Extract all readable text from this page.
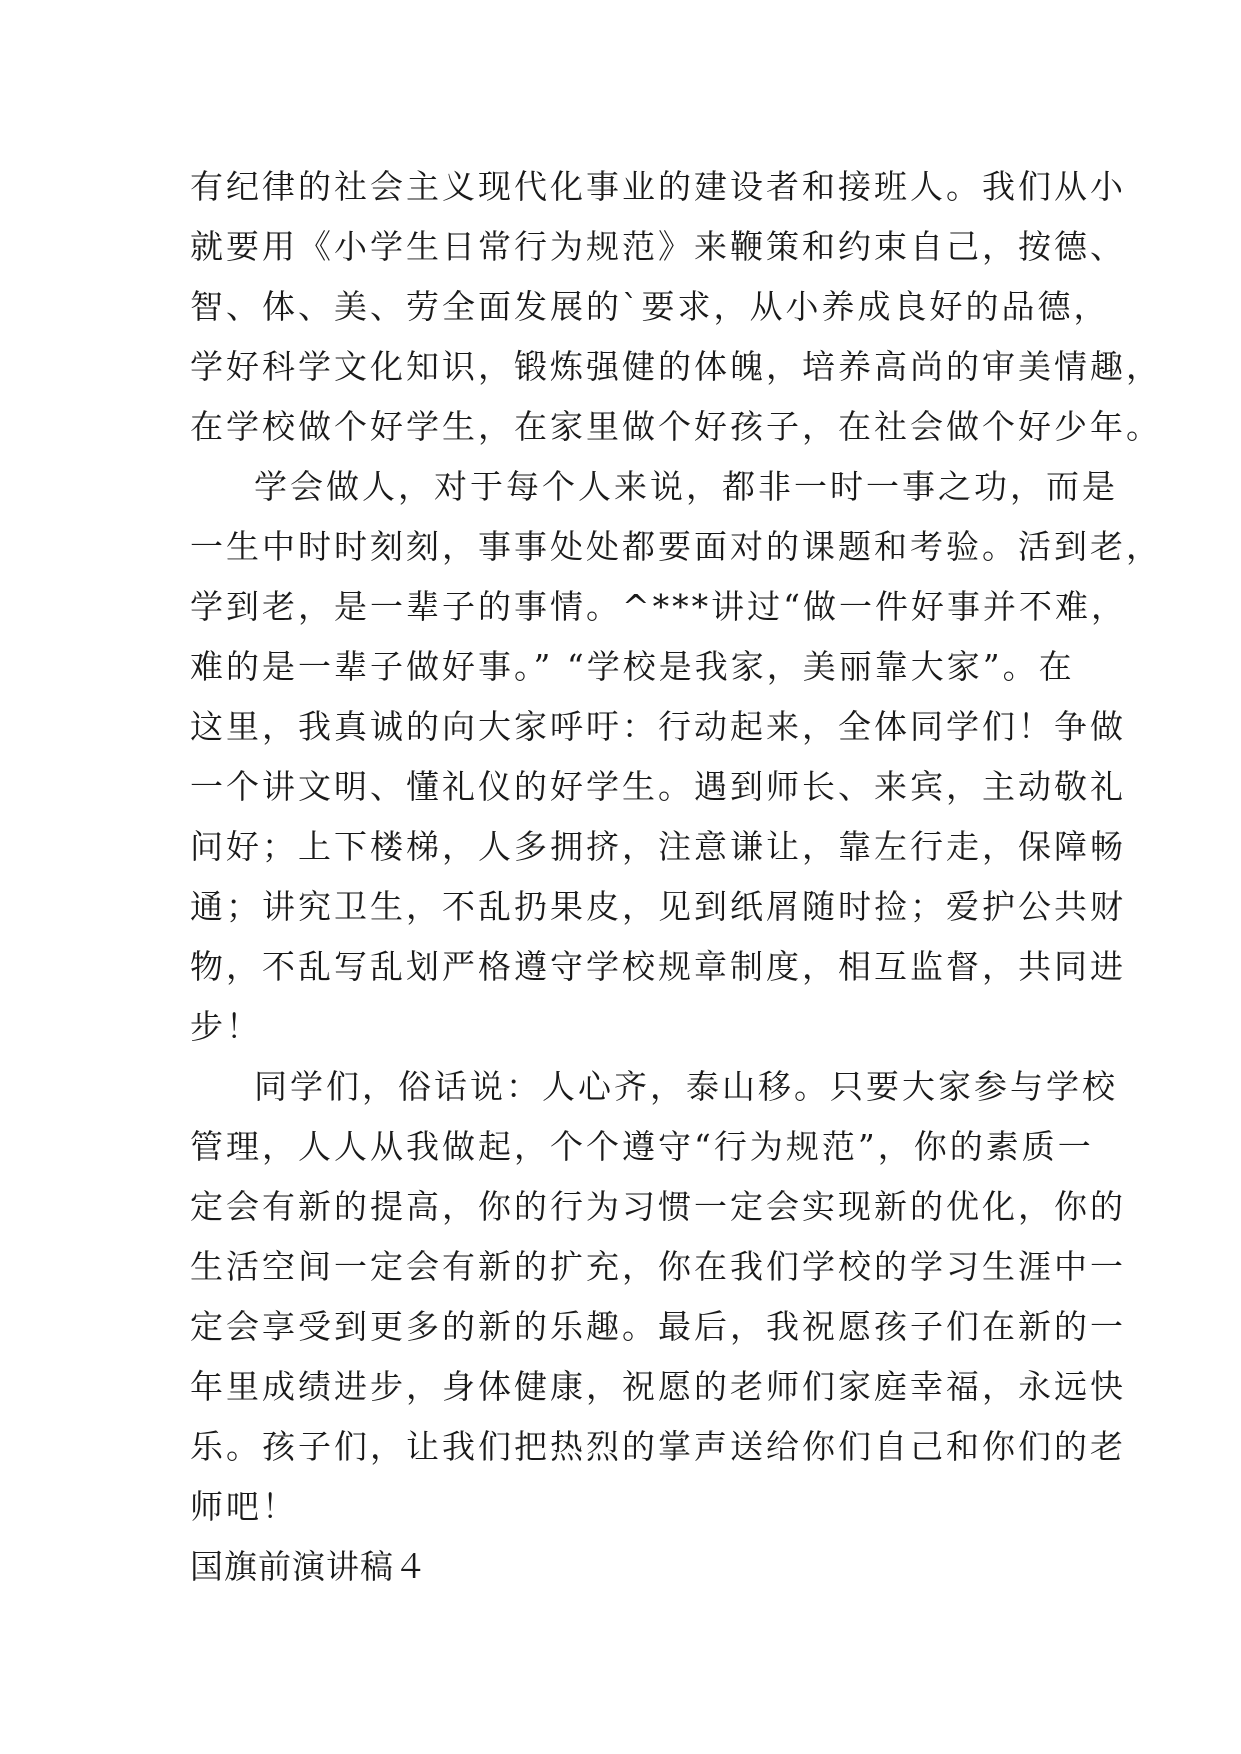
有纪律的社会主义现代化事业的建设者和接班人。我们从小
就要用《小学生日常行为规范》来鞭策和约束自己，按德、
智、体、美、劳全面发展的`要求，从小养成良好的品德，
学好科学文化知识，锻炼强健的体魄，培养高尚的审美情趣，
在学校做个好学生，在家里做个好孩子，在社会做个好少年。
学会做人，对于每个人来说，都非一时一事之功，而是
一生中时时刻刻，事事处处都要面对的课题和考验。活到老，
学到老，是一辈子的事情。^***讲过“做一件好事并不难，
难的是一辈子做好事。” “学校是我家，美丽靠大家”。在
这里，我真诚的向大家呼吁：行动起来，全体同学们！争做
一个讲文明、懂礼仪的好学生。遇到师长、来宾，主动敬礼
问好；上下楼梯，人多拥挤，注意谦让，靠左行走，保障畅
通；讲究卫生，不乱扔果皮，见到纸屑随时捡；爱护公共财
物，不乱写乱划严格遵守学校规章制度，相互监督，共同进
步！
同学们，俗话说：人心齐，泰山移。只要大家参与学校
管理，人人从我做起，个个遵守“行为规范”，你的素质一
定会有新的提高，你的行为习惯一定会实现新的优化，你的
生活空间一定会有新的扩充，你在我们学校的学习生涯中一
定会享受到更多的新的乐趣。最后，我祝愿孩子们在新的一
年里成绩进步，身体健康，祝愿的老师们家庭幸福，永远快
乐。孩子们，让我们把热烈的掌声送给你们自己和你们的老
师吧！
国旗前演讲稿４
